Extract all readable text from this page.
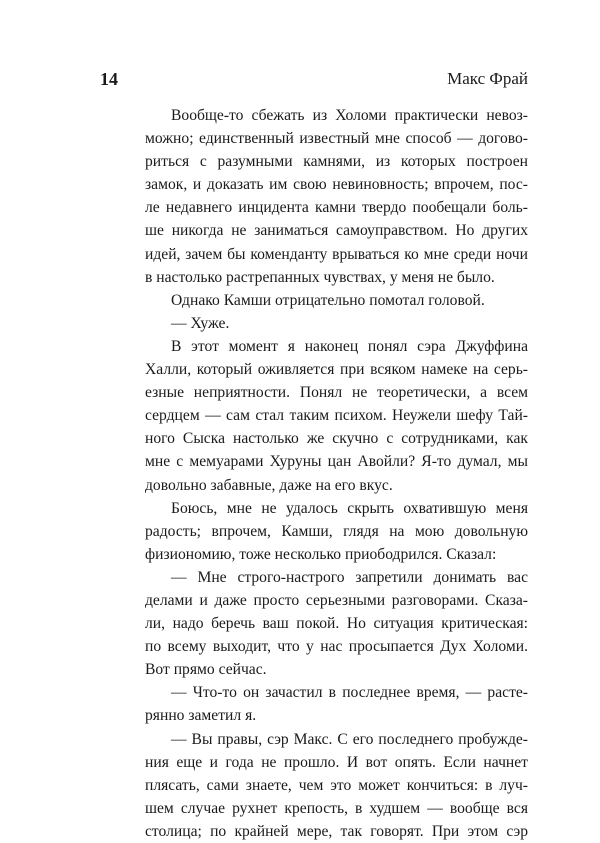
14	Макс Фрай
Вообще-то сбежать из Холоми практически невоз-
можно; единственный известный мне способ — догово-
риться с разумными камнями, из которых построен
замок, и доказать им свою невиновность; впрочем, пос-
ле недавнего инцидента камни твердо пообещали боль-
ше никогда не заниматься самоуправством. Но других
идей, зачем бы коменданту врываться ко мне среди ночи
в настолько растрепанных чувствах, у меня не было.
Однако Камши отрицательно помотал головой.
— Хуже.
В этот момент я наконец понял сэра Джуффина
Халли, который оживляется при всяком намеке на серь-
езные неприятности. Понял не теоретически, а всем
сердцем — сам стал таким психом. Неужели шефу Тай-
ного Сыска настолько же скучно с сотрудниками, как
мне с мемуарами Хуруны цан Авойли? Я-то думал, мы
довольно забавные, даже на его вкус.
Боюсь, мне не удалось скрыть охватившую меня
радость; впрочем, Камши, глядя на мою довольную
физиономию, тоже несколько приободрился. Сказал:
— Мне строго-настрого запретили донимать вас
делами и даже просто серьезными разговорами. Сказа-
ли, надо беречь ваш покой. Но ситуация критическая:
по всему выходит, что у нас просыпается Дух Холоми.
Вот прямо сейчас.
— Что-то он зачастил в последнее время, — расте-
рянно заметил я.
— Вы правы, сэр Макс. С его последнего пробужде-
ния еще и года не прошло. И вот опять. Если начнет
плясать, сами знаете, чем это может кончиться: в луч-
шем случае рухнет крепость, в худшем — вообще вся
столица; по крайней мере, так говорят. При этом сэр
